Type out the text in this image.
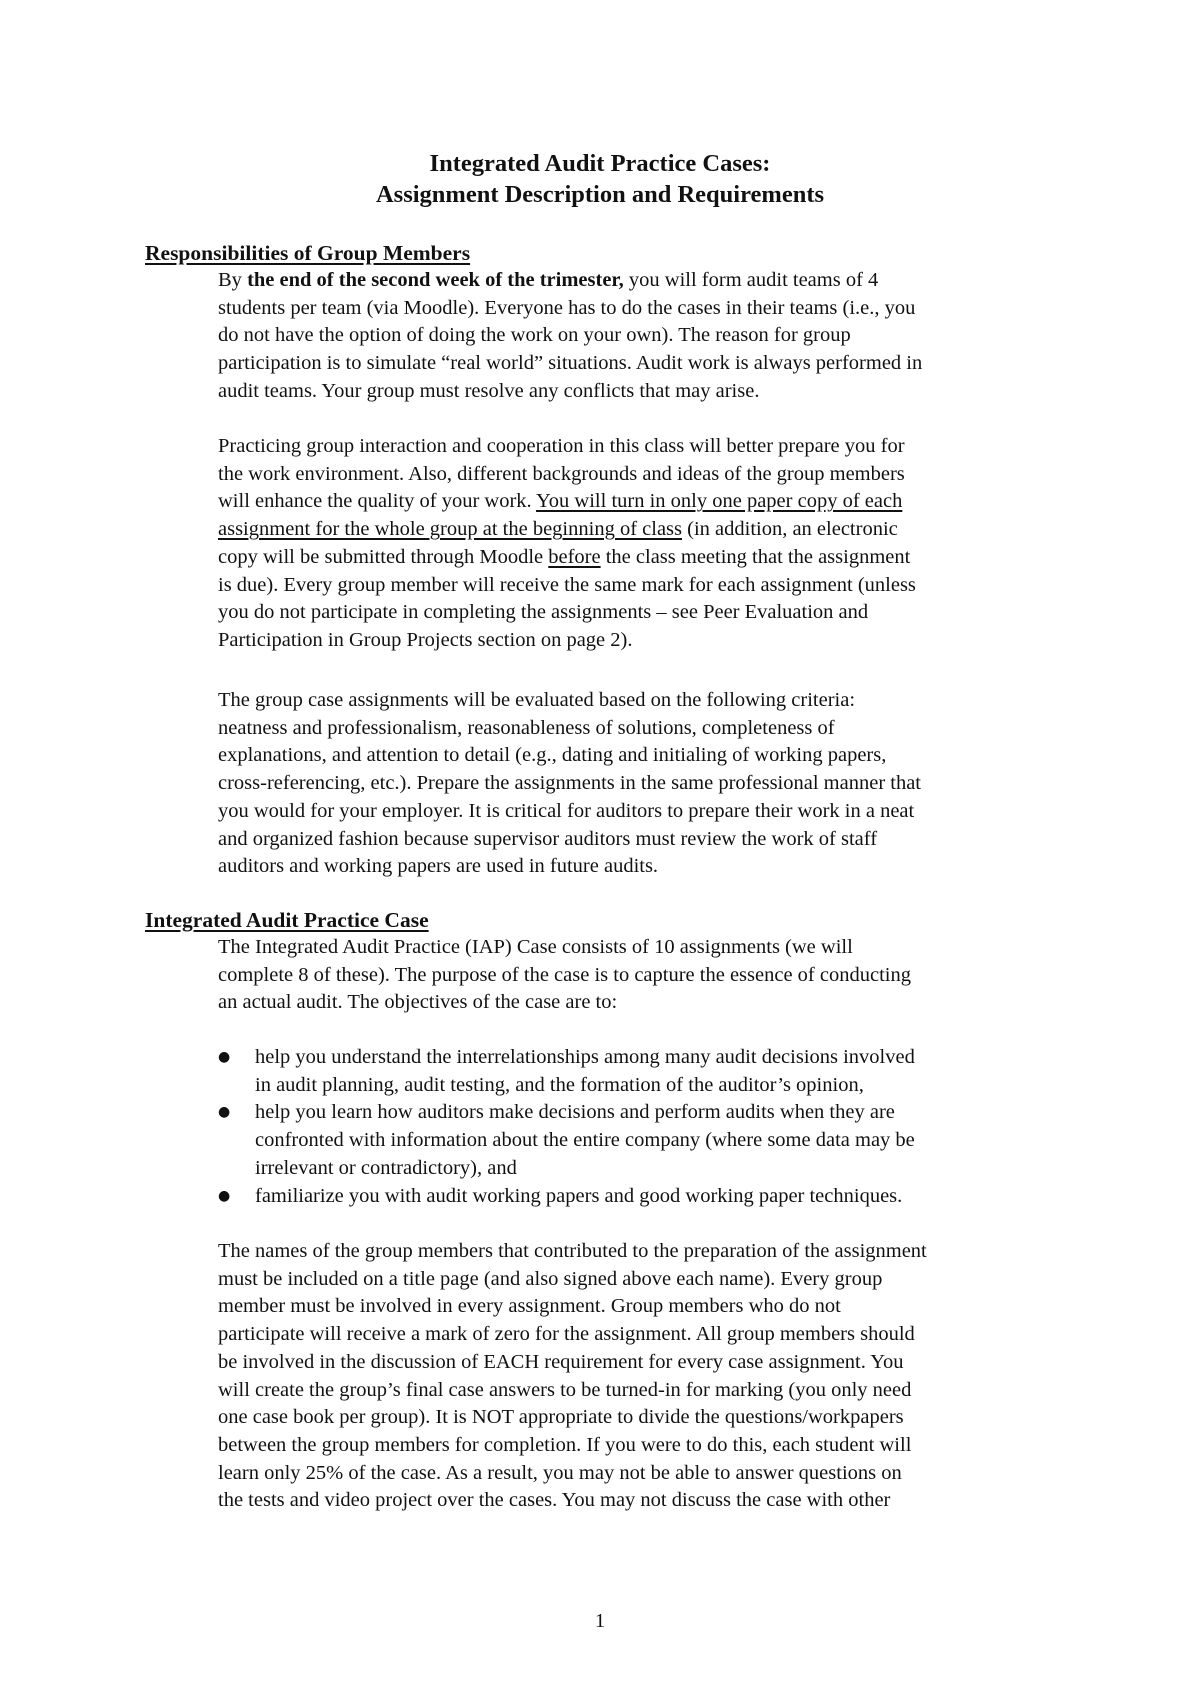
Integrated Audit Practice Cases:
Assignment Description and Requirements
Responsibilities of Group Members

By the end of the second week of the trimester, you will form audit teams of 4
students per team (via Moodle). Everyone has to do the cases in their teams (i.e., you
do not have the option of doing the work on your own). The reason for group
participation is to simulate “real world” situations. Audit work is always performed in
audit teams. Your group must resolve any conflicts that may arise.

Practicing group interaction and cooperation in this class will better prepare you for
the work environment. Also, different backgrounds and ideas of the group members
will enhance the quality of your work. You will turn in only one paper copy of each
assignment for the whole group at the beginning of class (in addition, an electronic
copy will be submitted through Moodle before the class meeting that the assignment
is due). Every group member will receive the same mark for each assignment (unless
you do not participate in completing the assignments – see Peer Evaluation and
Participation in Group Projects section on page 2).

The group case assignments will be evaluated based on the following criteria:
neatness and professionalism, reasonableness of solutions, completeness of
explanations, and attention to detail (e.g., dating and initialing of working papers,
cross-referencing, etc.). Prepare the assignments in the same professional manner that
you would for your employer. It is critical for auditors to prepare their work in a neat
and organized fashion because supervisor auditors must review the work of staff
auditors and working papers are used in future audits.

Integrated Audit Practice Case

The Integrated Audit Practice (IAP) Case consists of 10 assignments (we will
complete 8 of these). The purpose of the case is to capture the essence of conducting
an actual audit. The objectives of the case are to:

● help you understand the interrelationships among many audit decisions involved
in audit planning, audit testing, and the formation of the auditor’s opinion,
● help you learn how auditors make decisions and perform audits when they are
confronted with information about the entire company (where some data may be
irrelevant or contradictory), and
● familiarize you with audit working papers and good working paper techniques.

The names of the group members that contributed to the preparation of the assignment
must be included on a title page (and also signed above each name). Every group
member must be involved in every assignment. Group members who do not
participate will receive a mark of zero for the assignment. All group members should
be involved in the discussion of EACH requirement for every case assignment. You
will create the group’s final case answers to be turned-in for marking (you only need
one case book per group). It is NOT appropriate to divide the questions/workpapers
between the group members for completion. If you were to do this, each student will
learn only 25% of the case. As a result, you may not be able to answer questions on
the tests and video project over the cases. You may not discuss the case with other

1
